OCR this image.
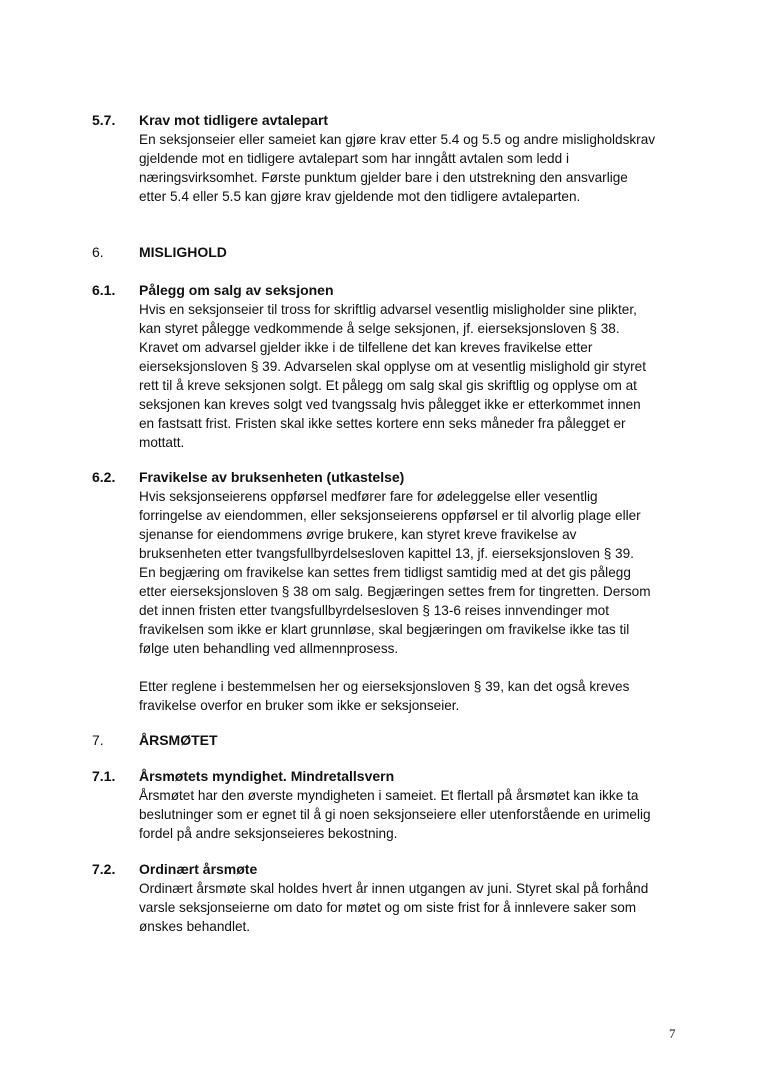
5.7. Krav mot tidligere avtalepart
En seksjonseier eller sameiet kan gjøre krav etter 5.4 og 5.5 og andre misligholdskrav
gjeldende mot en tidligere avtalepart som har inngått avtalen som ledd i
næringsvirksomhet. Første punktum gjelder bare i den utstrekning den ansvarlige
etter 5.4 eller 5.5 kan gjøre krav gjeldende mot den tidligere avtaleparten.
6.	MISLIGHOLD
6.1. Pålegg om salg av seksjonen
Hvis en seksjonseier til tross for skriftlig advarsel vesentlig misligholder sine plikter,
kan styret pålegge vedkommende å selge seksjonen, jf. eierseksjonsloven § 38.
Kravet om advarsel gjelder ikke i de tilfellene det kan kreves fravikelse etter
eierseksjonsloven § 39. Advarselen skal opplyse om at vesentlig mislighold gir styret
rett til å kreve seksjonen solgt. Et pålegg om salg skal gis skriftlig og opplyse om at
seksjonen kan kreves solgt ved tvangssalg hvis pålegget ikke er etterkommet innen
en fastsatt frist. Fristen skal ikke settes kortere enn seks måneder fra pålegget er
mottatt.
6.2. Fravikelse av bruksenheten (utkastelse)
Hvis seksjonseierens oppførsel medfører fare for ødeleggelse eller vesentlig
forringelse av eiendommen, eller seksjonseierens oppførsel er til alvorlig plage eller
sjenanse for eiendommens øvrige brukere, kan styret kreve fravikelse av
bruksenheten etter tvangsfullbyrdelsesloven kapittel 13, jf. eierseksjonsloven § 39.
En begjæring om fravikelse kan settes frem tidligst samtidig med at det gis pålegg
etter eierseksjonsloven § 38 om salg. Begjæringen settes frem for tingretten. Dersom
det innen fristen etter tvangsfullbyrdelsesloven § 13-6 reises innvendinger mot
fravikelsen som ikke er klart grunnløse, skal begjæringen om fravikelse ikke tas til
følge uten behandling ved allmennprosess.
Etter reglene i bestemmelsen her og eierseksjonsloven § 39, kan det også kreves
fravikelse overfor en bruker som ikke er seksjonseier.
7.	ÅRSMØTET
7.1. Årsmøtets myndighet. Mindretallsvern
Årsmøtet har den øverste myndigheten i sameiet. Et flertall på årsmøtet kan ikke ta
beslutninger som er egnet til å gi noen seksjonseiere eller utenforstående en urimelig
fordel på andre seksjonseieres bekostning.
7.2. Ordinært årsmøte
Ordinært årsmøte skal holdes hvert år innen utgangen av juni. Styret skal på forhånd
varsle seksjonseierne om dato for møtet og om siste frist for å innlevere saker som
ønskes behandlet.
7
